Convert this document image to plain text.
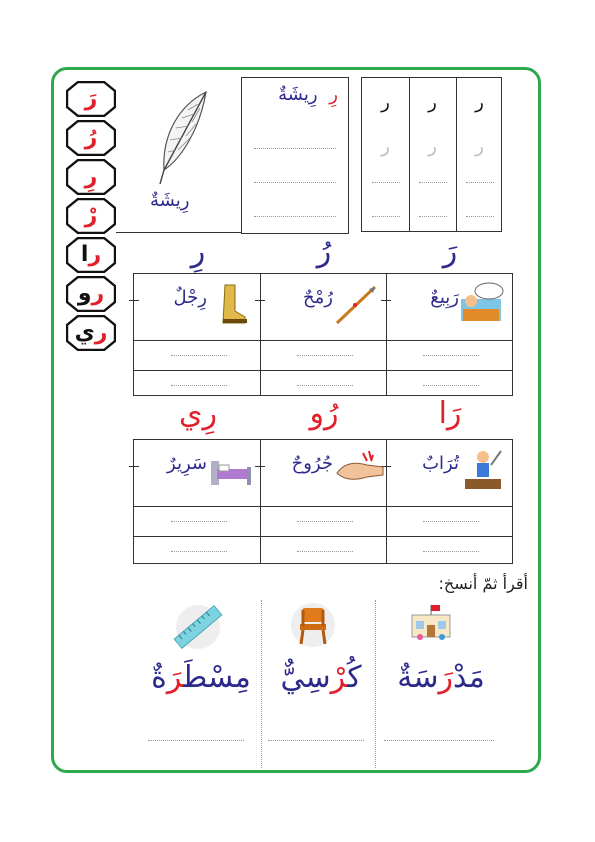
رَ
رُ
رِ
رْ
را
رو
ري
رِيشَةٌ
رِ رِيشَةٌ	ر
ر
ر
ر
ر
ر
رَ
رُ
رِ
رَبِيعٌ
رُمْحٌ
رِجْلٌ
رَا
رُو
رِي
تُرَابٌ
جُرُوحٌ
سَرِيرٌ
أقرأ ثمّ أنسخ:
مدرسة
كرسي
مسطرة
